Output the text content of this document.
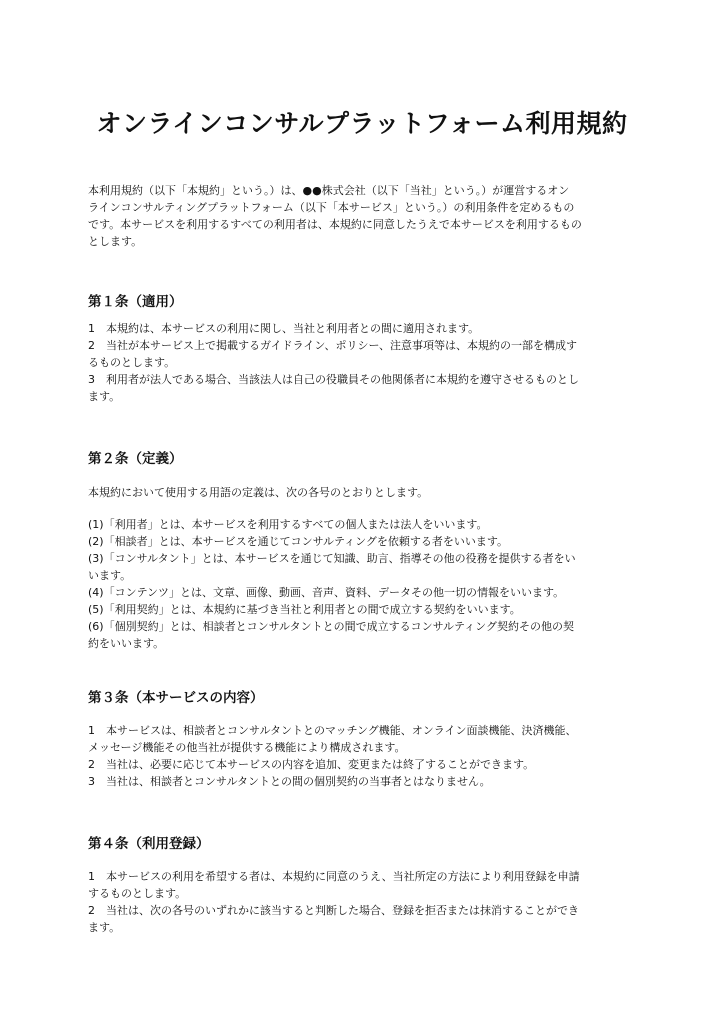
オンラインコンサルプラットフォーム利用規約
本利用規約（以下「本規約」という。）は、●●株式会社（以下「当社」という。）が運営するオン
ラインコンサルティングプラットフォーム（以下「本サービス」という。）の利用条件を定めるもの
です。本サービスを利用するすべての利用者は、本規約に同意したうえで本サービスを利用するもの
とします。
第１条（適用）
1　本規約は、本サービスの利用に関し、当社と利用者との間に適用されます。
2　当社が本サービス上で掲載するガイドライン、ポリシー、注意事項等は、本規約の一部を構成す
るものとします。
3　利用者が法人である場合、当該法人は自己の役職員その他関係者に本規約を遵守させるものとし
ます。
第２条（定義）
本規約において使用する用語の定義は、次の各号のとおりとします。
(1)「利用者」とは、本サービスを利用するすべての個人または法人をいいます。
(2)「相談者」とは、本サービスを通じてコンサルティングを依頼する者をいいます。
(3)「コンサルタント」とは、本サービスを通じて知識、助言、指導その他の役務を提供する者をい
います。
(4)「コンテンツ」とは、文章、画像、動画、音声、資料、データその他一切の情報をいいます。
(5)「利用契約」とは、本規約に基づき当社と利用者との間で成立する契約をいいます。
(6)「個別契約」とは、相談者とコンサルタントとの間で成立するコンサルティング契約その他の契
約をいいます。
第３条（本サービスの内容）
1　本サービスは、相談者とコンサルタントとのマッチング機能、オンライン面談機能、決済機能、
メッセージ機能その他当社が提供する機能により構成されます。
2　当社は、必要に応じて本サービスの内容を追加、変更または終了することができます。
3　当社は、相談者とコンサルタントとの間の個別契約の当事者とはなりません。
第４条（利用登録）
1　本サービスの利用を希望する者は、本規約に同意のうえ、当社所定の方法により利用登録を申請
するものとします。
2　当社は、次の各号のいずれかに該当すると判断した場合、登録を拒否または抹消することができ
ます。
